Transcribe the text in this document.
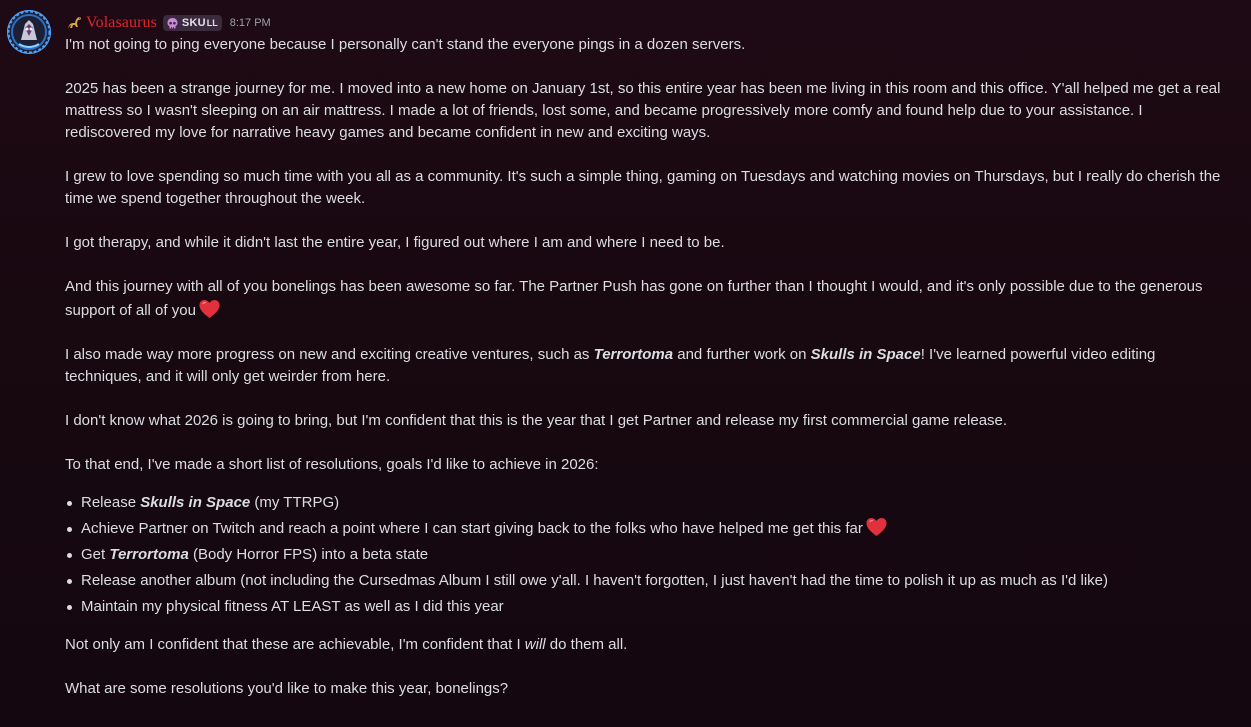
Volasaurus SKU LL 8:17 PM

I'm not going to ping everyone because I personally can't stand the everyone pings in a dozen servers.

2025 has been a strange journey for me. I moved into a new home on January 1st, so this entire year has been me living in this room and this office. Y'all helped me get a real

mattress so I wasn't sleeping on an air mattress. I made a lot of friends, lost some, and became progressively more comfy and found help due to your assistance. I

rediscovered my love for narrative heavy games and became confident in new and exciting ways.

I grew to love spending so much time with you all as a community. It's such a simple thing, gaming on Tuesdays and watching movies on Thursdays, but I really do cherish the

time we spend together throughout the week.

I got therapy, and while it didn't last the entire year, I figured out where I am and where I need to be.

And this journey with all of you bonelings has been awesome so far. The Partner Push has gone on further than I thought I would, and it's only possible due to the generous

support of all of you

I also made way more progress on new and exciting creative ventures, such as Terrortoma and further work on Skulls in Space! I've learned powerful video editing

techniques, and it will only get weirder from here.

I don't know what 2026 is going to bring, but I'm confident that this is the year that I get Partner and release my first commercial game release.

To that end, I've made a short list of resolutions, goals I'd like to achieve in 2026:

Release Skulls in Space (my TTRPG)
Achieve Partner on Twitch and reach a point where I can start giving back to the folks who have helped me get this far
Get Terrortoma (Body Horror FPS) into a beta state
Release another album (not including the Cursedmas Album I still owe y'all. I haven't forgotten, I just haven't had the time to polish it up as much as I'd like)
Maintain my physical fitness AT LEAST as well as I did this year

Not only am I confident that these are achievable, I'm confident that I will do them all.

What are some resolutions you'd like to make this year, bonelings?
